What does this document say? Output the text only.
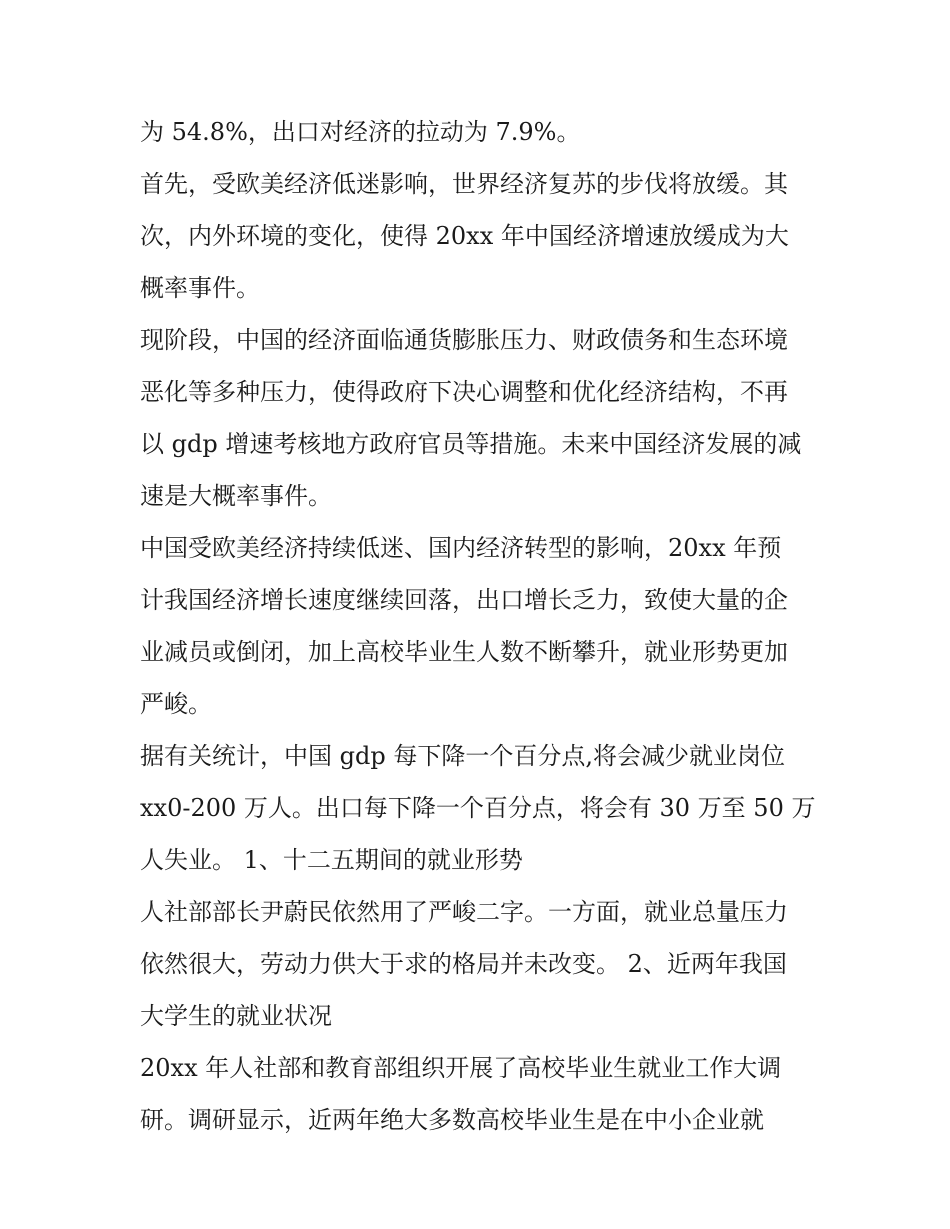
为 54.8%，出口对经济的拉动为 7.9%。
首先，受欧美经济低迷影响，世界经济复苏的步伐将放缓。其
次，内外环境的变化，使得 20xx 年中国经济增速放缓成为大
概率事件。
现阶段，中国的经济面临通货膨胀压力、财政债务和生态环境
恶化等多种压力，使得政府下决心调整和优化经济结构，不再
以 gdp 增速考核地方政府官员等措施。未来中国经济发展的减
速是大概率事件。
中国受欧美经济持续低迷、国内经济转型的影响，20xx 年预
计我国经济增长速度继续回落，出口增长乏力，致使大量的企
业减员或倒闭，加上高校毕业生人数不断攀升，就业形势更加
严峻。
据有关统计，中国 gdp 每下降一个百分点,将会减少就业岗位
xx0-200 万人。出口每下降一个百分点，将会有 30 万至 50 万
人失业。 1、十二五期间的就业形势
人社部部长尹蔚民依然用了严峻二字。一方面，就业总量压力
依然很大，劳动力供大于求的格局并未改变。 2、近两年我国
大学生的就业状况
20xx 年人社部和教育部组织开展了高校毕业生就业工作大调
研。调研显示，近两年绝大多数高校毕业生是在中小企业就
